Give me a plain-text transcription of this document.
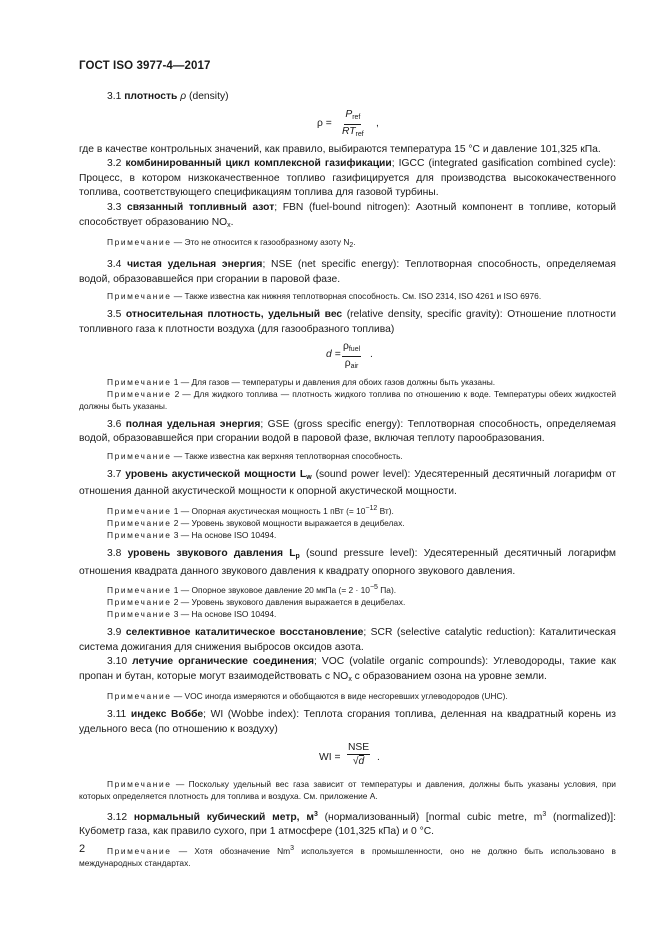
ГОСТ ISO 3977-4—2017

3.1 плотность ρ (density)

ρ =
$P_{ref}$
$RT_{ref}$
,

где в качестве контрольных значений, как правило, выбираются температура 15 °С и давление 101,325 кПа.

3.2 комбинированный цикл комплексной газификации; IGCC (integrated gasification combined cycle): Процесс, в котором низкокачественное топливо газифицируется для производства высококачественного топлива, соответствующего спецификациям топлива для газовой турбины.

3.3 связанный топливный азот; FBN (fuel-bound nitrogen): Азотный компонент в топливе, который способствует образованию $NO_x$.

Примечание — Это не относится к газообразному азоту $N_2$.

3.4 чистая удельная энергия; NSE (net specific energy): Теплотворная способность, определяемая водой, образовавшейся при сгорании в паровой фазе.

Примечание — Также известна как нижняя теплотворная способность. См. ISO 2314, ISO 4261 и ISO 6976.

3.5 относительная плотность, удельный вес (relative density, specific gravity): Отношение плотности топливного газа к плотности воздуха (для газообразного топлива)

d =
$\rho_{fuel}$
$\rho_{air}$
.

Примечание 1 — Для газов — температуры и давления для обоих газов должны быть указаны.

Примечание 2 — Для жидкого топлива — плотность жидкого топлива по отношению к воде. Температуры обеих жидкостей должны быть указаны.

3.6 полная удельная энергия; GSE (gross specific energy): Теплотворная способность, определяемая водой, образовавшейся при сгорании водой в паровой фазе, включая теплоту парообразования.

Примечание — Также известна как верхняя теплотворная способность.

3.7 уровень акустической мощности $L_w$ (sound power level): Удесятеренный десятичный логарифм от отношения данной акустической мощности к опорной акустической мощности.

Примечание 1 — Опорная акустическая мощность 1 пВт (= $10^{-12}$ Вт).

Примечание 2 — Уровень звуковой мощности выражается в децибелах.

Примечание 3 — На основе ISO 10494.

3.8 уровень звукового давления $L_p$ (sound pressure level): Удесятеренный десятичный логарифм отношения квадрата данного звукового давления к квадрату опорного звукового давления.

Примечание 1 — Опорное звуковое давление 20 мкПа (= $2 \cdot 10^{-5}$ Па).

Примечание 2 — Уровень звукового давления выражается в децибелах.

Примечание 3 — На основе ISO 10494.

3.9 селективное каталитическое восстановление; SCR (selective catalytic reduction): Каталитическая система дожигания для снижения выбросов оксидов азота.

3.10 летучие органические соединения; VOC (volatile organic compounds): Углеводороды, такие как пропан и бутан, которые могут взаимодействовать с $NO_x$ с образованием озона на уровне земли.

Примечание — VOC иногда измеряются и обобщаются в виде несгоревших углеводородов (UHC).

3.11 индекс Воббе; WI (Wobbe index): Теплота сгорания топлива, деленная на квадратный корень из удельного веса (по отношению к воздуху)

WI =
NSE
√d .

Примечание — Поскольку удельный вес газа зависит от температуры и давления, должны быть указаны условия, при которых определяется плотность для топлива и воздуха. См. приложение А.

3.12 нормальный кубический метр, $м^3$ (нормализованный) [normal cubic metre, $m^3$ (normalized)]: Кубометр газа, как правило сухого, при 1 атмосфере (101,325 кПа) и 0 °С.

Примечание — Хотя обозначение Nm$^3$ используется в промышленности, оно не должно быть использовано в международных стандартах.

2
